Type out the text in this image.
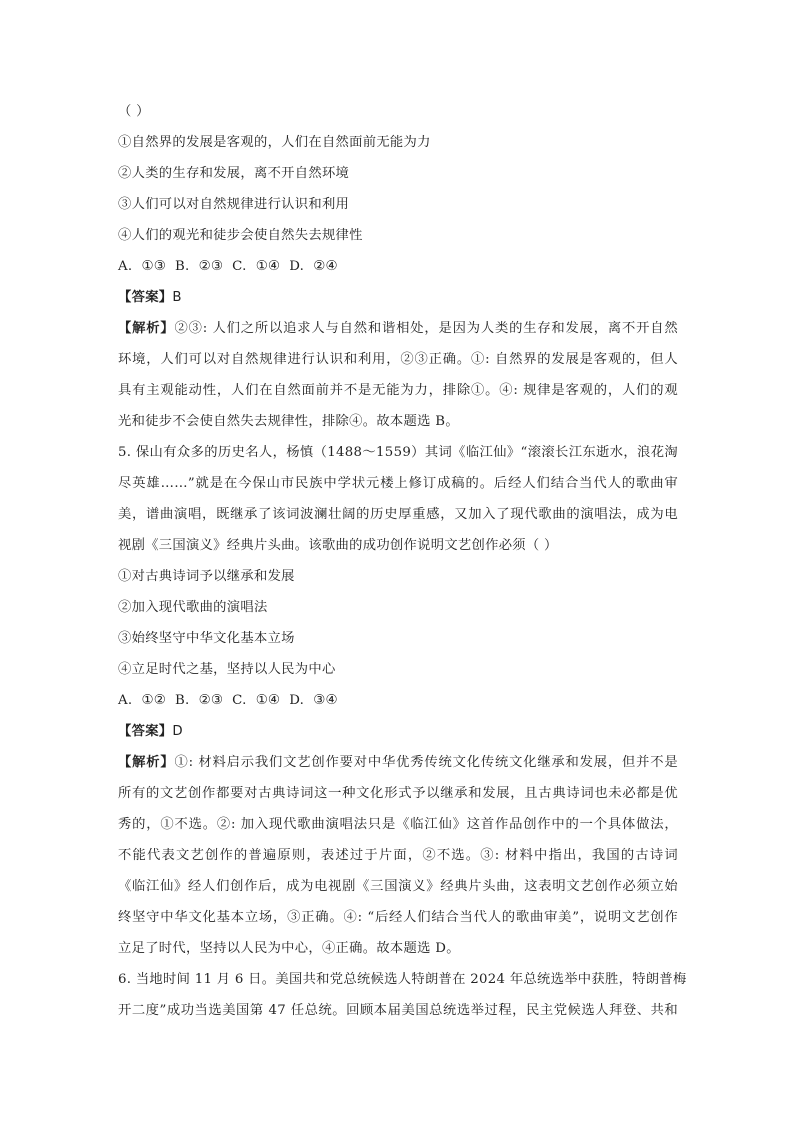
（ ）
①自然界的发展是客观的，人们在自然面前无能为力
②人类的生存和发展，离不开自然环境
③人们可以对自然规律进行认识和利用
④人们的观光和徒步会使自然失去规律性
A.  ①③  B.  ②③  C.  ①④  D.  ②④
【答案】B
【解析】②③: 人们之所以追求人与自然和谐相处，是因为人类的生存和发展，离不开自然
环境，人们可以对自然规律进行认识和利用，②③正确。①: 自然界的发展是客观的，但人
具有主观能动性，人们在自然面前并不是无能为力，排除①。④: 规律是客观的，人们的观
光和徒步不会使自然失去规律性，排除④。故本题选 B。
5. 保山有众多的历史名人，杨慎（1488～1559）其词《临江仙》“滚滚长江东逝水，浪花淘
尽英雄……”就是在今保山市民族中学状元楼上修订成稿的。后经人们结合当代人的歌曲审
美，谱曲演唱，既继承了该词波澜壮阔的历史厚重感，又加入了现代歌曲的演唱法，成为电
视剧《三国演义》经典片头曲。该歌曲的成功创作说明文艺创作必须（ ）
①对古典诗词予以继承和发展
②加入现代歌曲的演唱法
③始终坚守中华文化基本立场
④立足时代之基，坚持以人民为中心
A.  ①②  B.  ②③  C.  ①④  D.  ③④
【答案】D
【解析】①: 材料启示我们文艺创作要对中华优秀传统文化传统文化继承和发展，但并不是
所有的文艺创作都要对古典诗词这一种文化形式予以继承和发展，且古典诗词也未必都是优
秀的，①不选。②: 加入现代歌曲演唱法只是《临江仙》这首作品创作中的一个具体做法，
不能代表文艺创作的普遍原则，表述过于片面，②不选。③: 材料中指出，我国的古诗词
《临江仙》经人们创作后，成为电视剧《三国演义》经典片头曲，这表明文艺创作必须立始
终坚守中华文化基本立场，③正确。④: “后经人们结合当代人的歌曲审美”，说明文艺创作
立足了时代，坚持以人民为中心，④正确。故本题选 D。
6. 当地时间 11 月 6 日。美国共和党总统候选人特朗普在 2024 年总统选举中获胜，特朗普梅
开二度”成功当选美国第 47 任总统。回顾本届美国总统选举过程，民主党候选人拜登、共和
